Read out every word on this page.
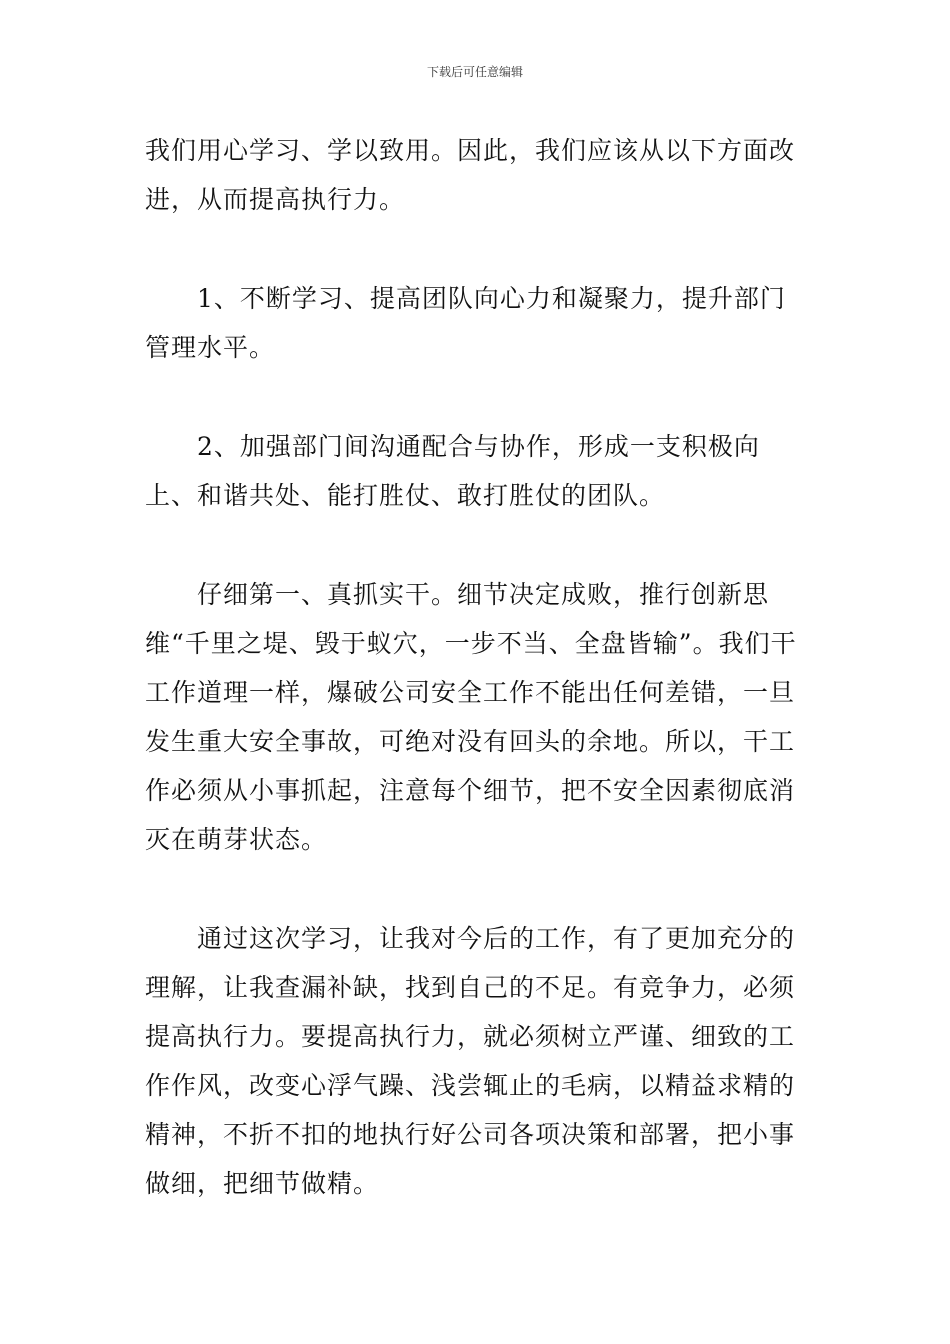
下载后可任意编辑

我们用心学习、学以致用。因此，我们应该从以下方面改进，从而提高执行力。

1、不断学习、提高团队向心力和凝聚力，提升部门管理水平。

2、加强部门间沟通配合与协作，形成一支积极向上、和谐共处、能打胜仗、敢打胜仗的团队。

仔细第一、真抓实干。细节决定成败，推行创新思维“千里之堤、毁于蚁穴，一步不当、全盘皆输”。我们干工作道理一样，爆破公司安全工作不能出任何差错，一旦发生重大安全事故，可绝对没有回头的余地。所以，干工作必须从小事抓起，注意每个细节，把不安全因素彻底消灭在萌芽状态。

通过这次学习，让我对今后的工作，有了更加充分的理解，让我查漏补缺，找到自己的不足。有竞争力，必须提高执行力。要提高执行力，就必须树立严谨、细致的工作作风，改变心浮气躁、浅尝辄止的毛病，以精益求精的精神，不折不扣的地执行好公司各项决策和部署，把小事做细，把细节做精。
